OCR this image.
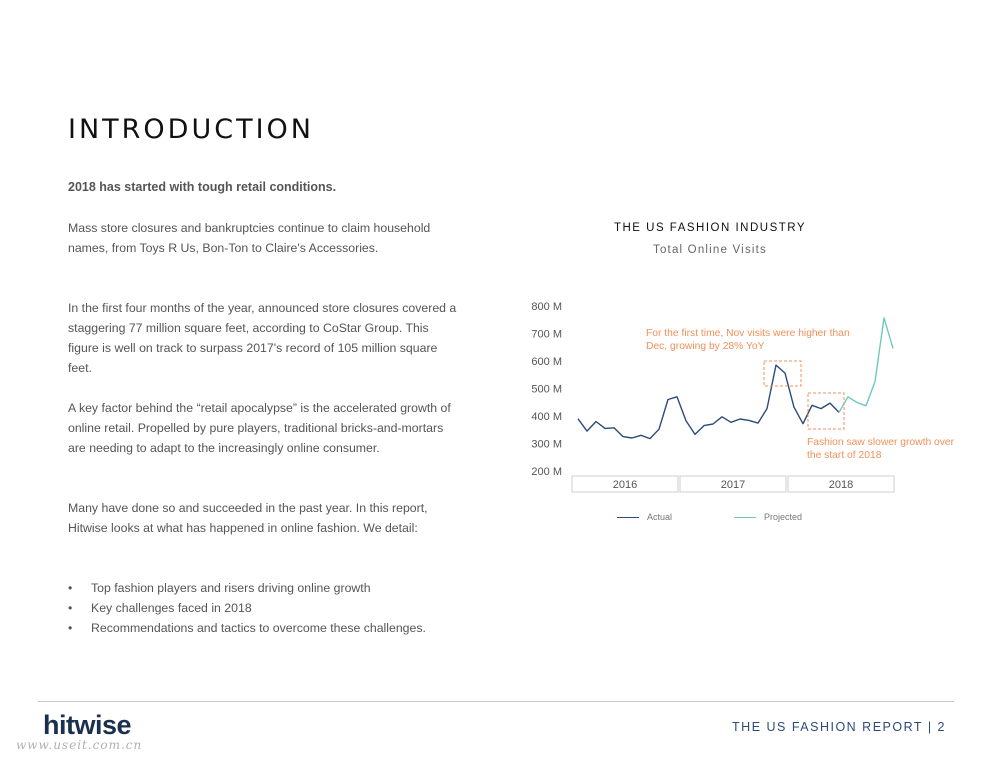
INTRODUCTION
2018 has started with tough retail conditions.

Mass store closures and bankruptcies continue to claim household names, from Toys R Us, Bon-Ton to Claire's Accessories.

In the first four months of the year, announced store closures covered a staggering 77 million square feet, according to CoStar Group. This figure is well on track to surpass 2017's record of 105 million square feet.

A key factor behind the “retail apocalypse” is the accelerated growth of online retail. Propelled by pure players, traditional bricks-and-mortars are needing to adapt to the increasingly online consumer.

Many have done so and succeeded in the past year. In this report, Hitwise looks at what has happened in online fashion. We detail:

• Top fashion players and risers driving online growth
• Key challenges faced in 2018
• Recommendations and tactics to overcome these challenges.
THE US FASHION INDUSTRY
Total Online Visits
200 M
300 M
400 M
500 M
600 M
700 M
800 M
2016	2017	2018

For the first time, Nov visits were higher than Dec, growing by 28% YoY

Fashion saw slower growth over the start of 2018

Actual	Projected
hitwise
www.useit.com.cn
THE US FASHION REPORT | 2
